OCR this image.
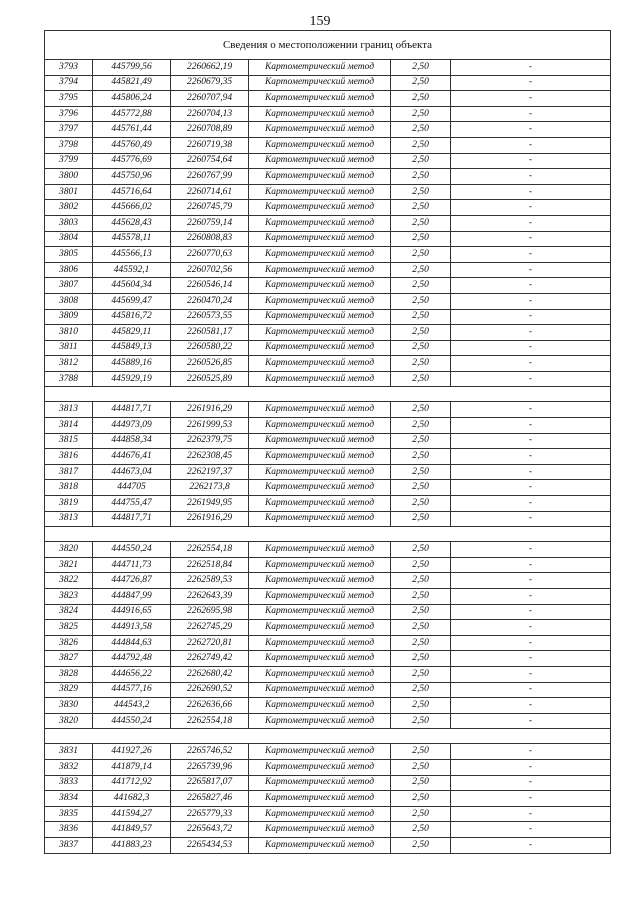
159
Сведения о местоположении границ объекта					
3793	445799,56	2260662,19	Картометрический метод	2,50	-
3794	445821,49	2260679,35	Картометрический метод	2,50	-
3795	445806,24	2260707,94	Картометрический метод	2,50	-
3796	445772,88	2260704,13	Картометрический метод	2,50	-
3797	445761,44	2260708,89	Картометрический метод	2,50	-
3798	445760,49	2260719,38	Картометрический метод	2,50	-
3799	445776,69	2260754,64	Картометрический метод	2,50	-
3800	445750,96	2260767,99	Картометрический метод	2,50	-
3801	445716,64	2260714,61	Картометрический метод	2,50	-
3802	445666,02	2260745,79	Картометрический метод	2,50	-
3803	445628,43	2260759,14	Картометрический метод	2,50	-
3804	445578,11	2260808,83	Картометрический метод	2,50	-
3805	445566,13	2260770,63	Картометрический метод	2,50	-
3806	445592,1	2260702,56	Картометрический метод	2,50	-
3807	445604,34	2260546,14	Картометрический метод	2,50	-
3808	445699,47	2260470,24	Картометрический метод	2,50	-
3809	445816,72	2260573,55	Картометрический метод	2,50	-
3810	445829,11	2260581,17	Картометрический метод	2,50	-
3811	445849,13	2260580,22	Картометрический метод	2,50	-
3812	445889,16	2260526,85	Картометрический метод	2,50	-
3788	445929,19	2260525,89	Картометрический метод	2,50	-

3813	444817,71	2261916,29	Картометрический метод	2,50	-
3814	444973,09	2261999,53	Картометрический метод	2,50	-
3815	444858,34	2262379,75	Картометрический метод	2,50	-
3816	444676,41	2262308,45	Картометрический метод	2,50	-
3817	444673,04	2262197,37	Картометрический метод	2,50	-
3818	444705	2262173,8	Картометрический метод	2,50	-
3819	444755,47	2261949,95	Картометрический метод	2,50	-
3813	444817,71	2261916,29	Картометрический метод	2,50	-

3820	444550,24	2262554,18	Картометрический метод	2,50	-
3821	444711,73	2262518,84	Картометрический метод	2,50	-
3822	444726,87	2262589,53	Картометрический метод	2,50	-
3823	444847,99	2262643,39	Картометрический метод	2,50	-
3824	444916,65	2262695,98	Картометрический метод	2,50	-
3825	444913,58	2262745,29	Картометрический метод	2,50	-
3826	444844,63	2262720,81	Картометрический метод	2,50	-
3827	444792,48	2262749,42	Картометрический метод	2,50	-
3828	444656,22	2262680,42	Картометрический метод	2,50	-
3829	444577,16	2262690,52	Картометрический метод	2,50	-
3830	444543,2	2262636,66	Картометрический метод	2,50	-
3820	444550,24	2262554,18	Картометрический метод	2,50	-

3831	441927,26	2265746,52	Картометрический метод	2,50	-
3832	441879,14	2265739,96	Картометрический метод	2,50	-
3833	441712,92	2265817,07	Картометрический метод	2,50	-
3834	441682,3	2265827,46	Картометрический метод	2,50	-
3835	441594,27	2265779,33	Картометрический метод	2,50	-
3836	441849,57	2265643,72	Картометрический метод	2,50	-
3837	441883,23	2265434,53	Картометрический метод	2,50	-
